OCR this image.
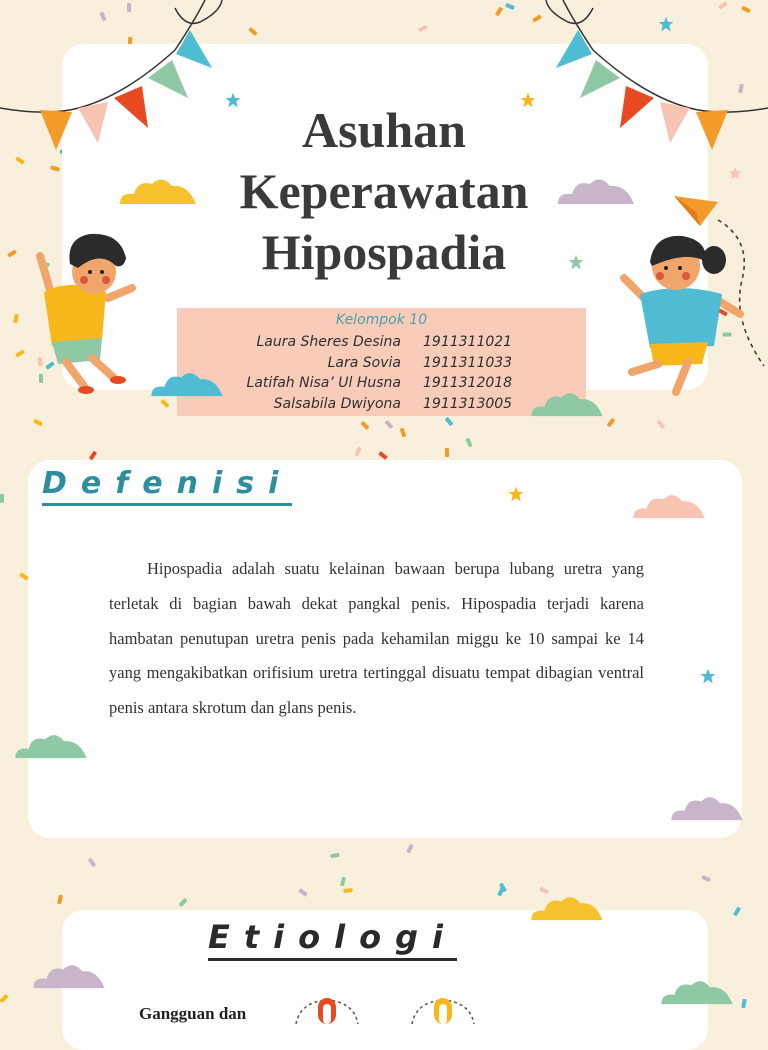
Asuhan Keperawatan Hipospadia
Kelompok 10
Laura Sheres Desina	1911311021
Lara Sovia	1911311033
Latifah Nisa’ Ul Husna	1911312018
Salsabila Dwiyona	1911313005
Defenisi

Hipospadia adalah suatu kelainan bawaan berupa lubang uretra yang terletak di bagian bawah dekat pangkal penis. Hipospadia terjadi karena hambatan penutupan uretra penis pada kehamilan miggu ke 10 sampai ke 14 yang mengakibatkan orifisium uretra tertinggal disuatu tempat dibagian ventral penis antara skrotum dan glans penis.

Etiologi
Gangguan dan
